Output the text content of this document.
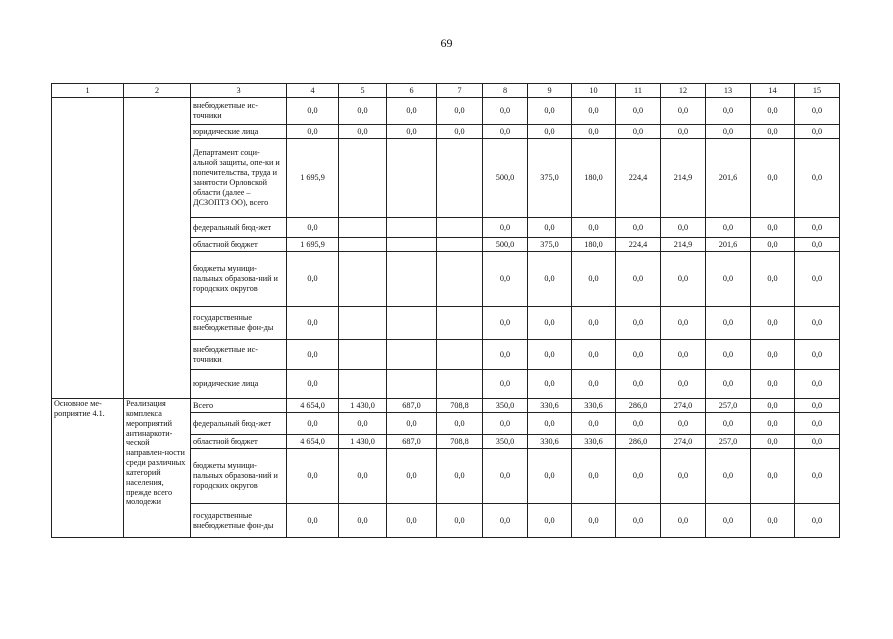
69
1	2	3	4	5	6	7	8	9	10	11	12	13	14	15
		внебюджетные ис-точники	0,0	0,0	0,0	0,0	0,0	0,0	0,0	0,0	0,0	0,0	0,0	0,0
		юридические лица	0,0	0,0	0,0	0,0	0,0	0,0	0,0	0,0	0,0	0,0	0,0	0,0
		Департамент соци-альной защиты, опе-ки и попечительства, труда и занятости Орловской области (далее – ДСЗОПТЗ ОО), всего	1 695,9				500,0	375,0	180,0	224,4	214,9	201,6	0,0	0,0
		федеральный бюд-жет	0,0				0,0	0,0	0,0	0,0	0,0	0,0	0,0	0,0
		областной бюджет	1 695,9				500,0	375,0	180,0	224,4	214,9	201,6	0,0	0,0
		бюджеты муници-пальных образова-ний и городских округов	0,0				0,0	0,0	0,0	0,0	0,0	0,0	0,0	0,0
		государственные внебюджетные фон-ды	0,0				0,0	0,0	0,0	0,0	0,0	0,0	0,0	0,0
		внебюджетные ис-точники	0,0				0,0	0,0	0,0	0,0	0,0	0,0	0,0	0,0
		юридические лица	0,0				0,0	0,0	0,0	0,0	0,0	0,0	0,0	0,0
Основное ме-роприятие 4.1.	Реализация комплекса мероприятий антинаркоти-ческой направлен-ности среди различных категорий населения, прежде всего молодежи	Всего	4 654,0	1 430,0	687,0	708,8	350,0	330,6	330,6	286,0	274,0	257,0	0,0	0,0
		федеральный бюд-жет	0,0	0,0	0,0	0,0	0,0	0,0	0,0	0,0	0,0	0,0	0,0	0,0
		областной бюджет	4 654,0	1 430,0	687,0	708,8	350,0	330,6	330,6	286,0	274,0	257,0	0,0	0,0
		бюджеты муници-пальных образова-ний и городских округов	0,0	0,0	0,0	0,0	0,0	0,0	0,0	0,0	0,0	0,0	0,0	0,0
		государственные внебюджетные фон-ды	0,0	0,0	0,0	0,0	0,0	0,0	0,0	0,0	0,0	0,0	0,0	0,0
